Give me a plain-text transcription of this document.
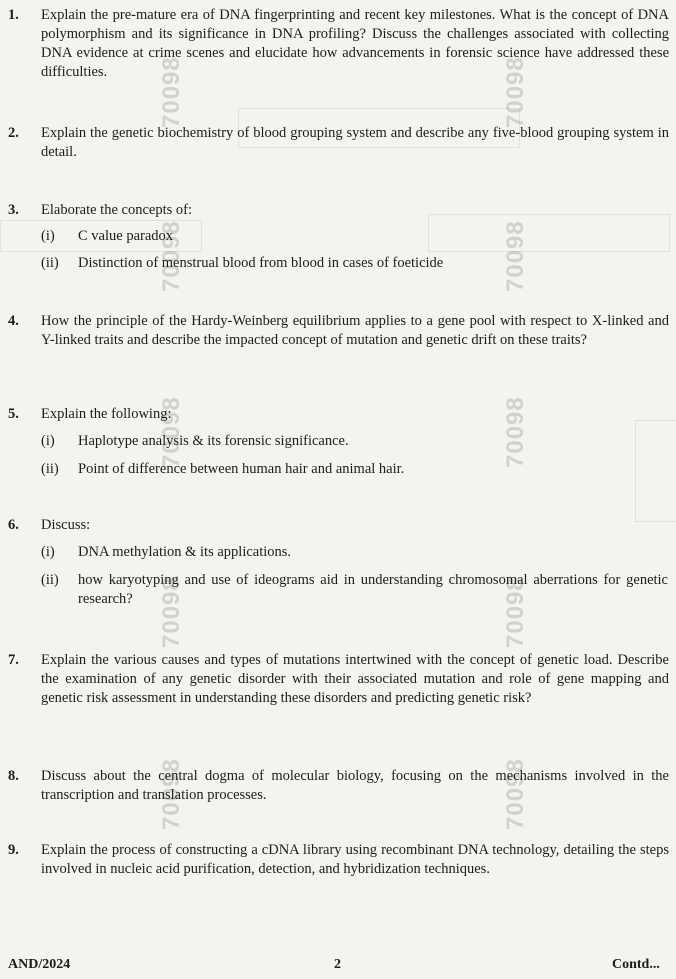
70098	70098
70098	70098
70098	70098
70098	70098
70098	70098
1. Explain the pre-mature era of DNA fingerprinting and recent key milestones. What is the concept of DNA polymorphism and its significance in DNA profiling? Discuss the challenges associated with collecting DNA evidence at crime scenes and elucidate how advancements in forensic science have addressed these difficulties.
2. Explain the genetic biochemistry of blood grouping system and describe any five-blood grouping system in detail.
3. Elaborate the concepts of:
(i) C value paradox
(ii) Distinction of menstrual blood from blood in cases of foeticide
4. How the principle of the Hardy-Weinberg equilibrium applies to a gene pool with respect to X-linked and Y-linked traits and describe the impacted concept of mutation and genetic drift on these traits?
5. Explain the following:
(i) Haplotype analysis & its forensic significance.
(ii) Point of difference between human hair and animal hair.
6. Discuss:
(i) DNA methylation & its applications.
(ii) how karyotyping and use of ideograms aid in understanding chromosomal aberrations for genetic research?
7. Explain the various causes and types of mutations intertwined with the concept of genetic load. Describe the examination of any genetic disorder with their associated mutation and role of gene mapping and genetic risk assessment in understanding these disorders and predicting genetic risk?
8. Discuss about the central dogma of molecular biology, focusing on the mechanisms involved in the transcription and translation processes.
9. Explain the process of constructing a cDNA library using recombinant DNA technology, detailing the steps involved in nucleic acid purification, detection, and hybridization techniques.
AND/2024	2	Contd...
